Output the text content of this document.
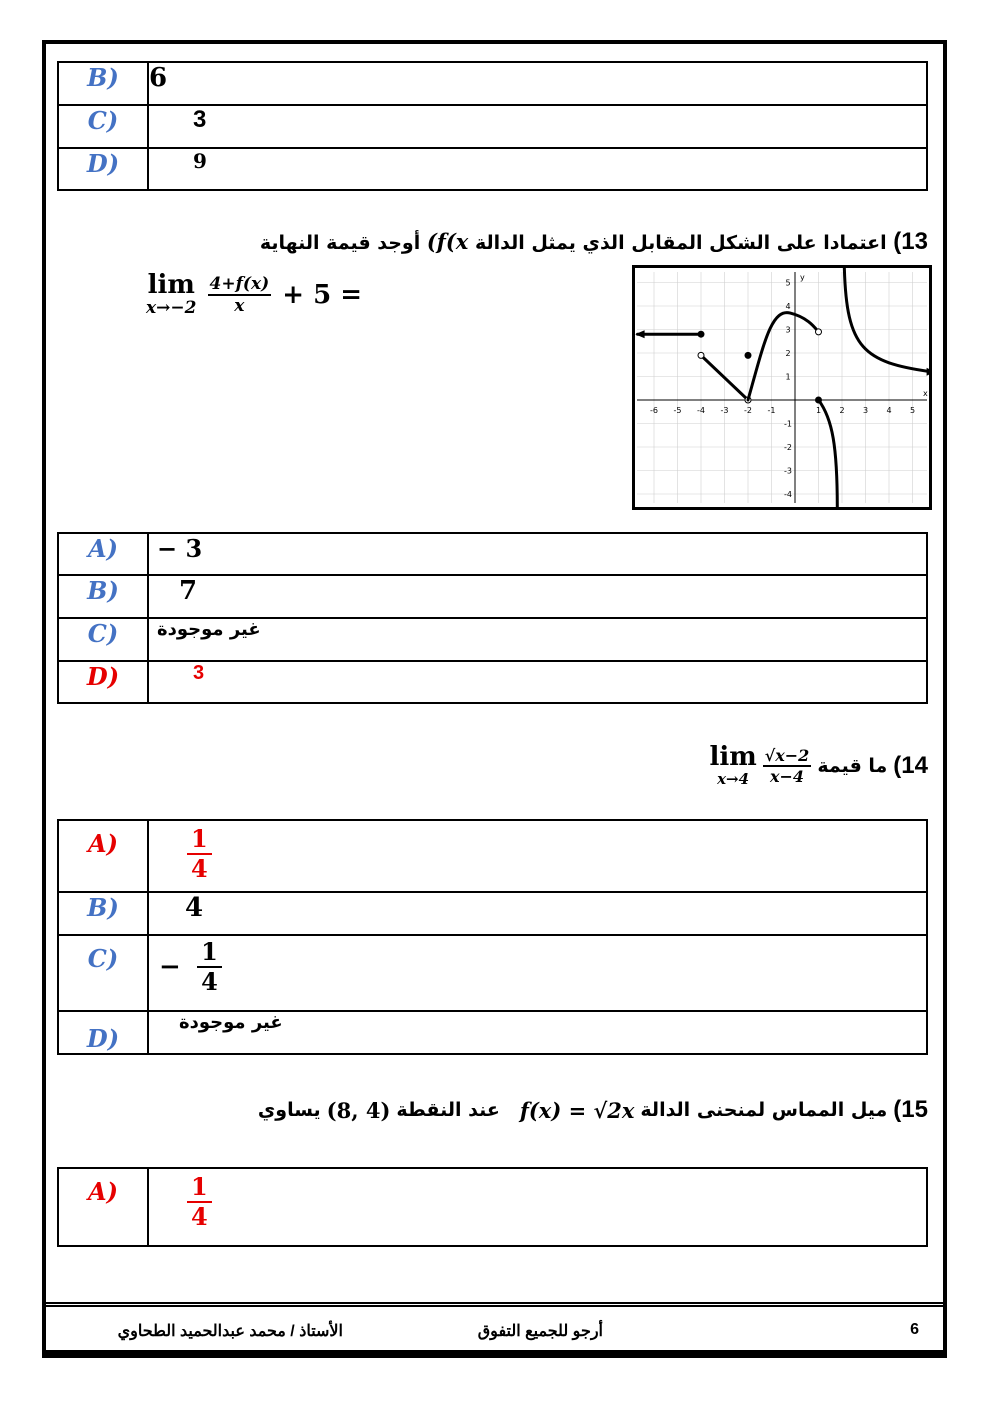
B)	6
C)	3
D)	9
13) اعتمادا على الشكل المقابل الذي يمثل الدالة (f(x أوجد قيمة النهاية
lim
x→−2
$\frac{4+f(x)}{x} + 5$ =
-6 -5 -4 -3 -2 -1	1 2 3 4 5
5
4
3
2
1
-1
-2
-3
-4
x
y
A)	− 3
B)	7
C)	غير موجودة
D)	3
14)
ما قيمة
$\frac{√x-2}{x-4}$
lim
x→4
A)	$\frac{1}{4}$
B)	4
C)	− $\frac{1}{4}$
D)	غير موجودة
15)
ميل المماس لمنحنى الدالة
f(x) = √2x
عند النقطة
(8, 4)
يساوي
A)	$\frac{1}{4}$
6
أرجو للجميع التفوق
الأستاذ / محمد عبدالحميد الطحاوي
